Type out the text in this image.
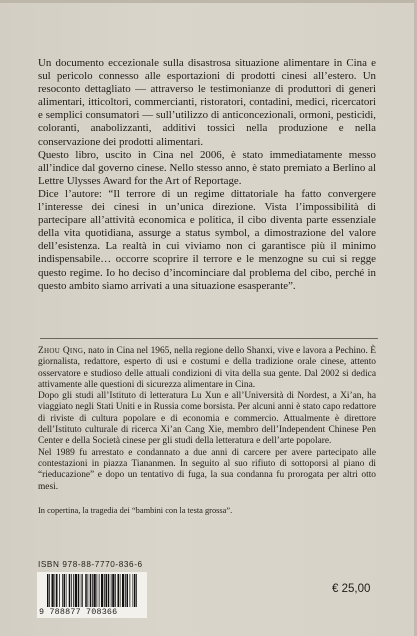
Un documento eccezionale sulla disastrosa situazione alimentare in Cina e sul pericolo connesso alle esportazioni di prodotti cinesi all’estero. Un resoconto dettagliato — attraverso le testimonianze di produttori di generi alimentari, itticoltori, commercianti, ristoratori, contadini, medici, ricercatori e semplici consumatori — sull’utilizzo di anticoncezionali, ormoni, pesticidi, coloranti, anabolizzanti, additivi tossici nella produzione e nella conservazione dei prodotti alimentari.

Questo libro, uscito in Cina nel 2006, è stato immediatamente messo all’indice dal governo cinese. Nello stesso anno, è stato premiato a Berlino al Lettre Ulysses Award for the Art of Reportage.

Dice l’autore: “Il terrore di un regime dittatoriale ha fatto convergere l’interesse dei cinesi in un’unica direzione. Vista l’impossibilità di partecipare all’attività economica e politica, il cibo diventa parte essenziale della vita quotidiana, assurge a status symbol, a dimostrazione del valore dell’esistenza. La realtà in cui viviamo non ci garantisce più il minimo indispensabile… occorre scoprire il terrore e le menzogne su cui si regge questo regime. Io ho deciso d’incominciare dal problema del cibo, perché in questo ambito siamo arrivati a una situazione esasperante”.

Zhou Qing, nato in Cina nel 1965, nella regione dello Shanxi, vive e lavora a Pechino. È giornalista, redattore, esperto di usi e costumi e della tradizione orale cinese, attento osservatore e studioso delle attuali condizioni di vita della sua gente. Dal 2002 si dedica attivamente alle questioni di sicurezza alimentare in Cina.

Dopo gli studi all’Istituto di letteratura Lu Xun e all’Università di Nordest, a Xi’an, ha viaggiato negli Stati Uniti e in Russia come borsista. Per alcuni anni è stato capo redattore di riviste di cultura popolare e di economia e commercio. Attualmente è direttore dell’Istituto culturale di ricerca Xi’an Cang Xie, membro dell’Independent Chinese Pen Center e della Società cinese per gli studi della letteratura e dell’arte popolare.

Nel 1989 fu arrestato e condannato a due anni di carcere per avere partecipato alle contestazioni in piazza Tiananmen. In seguito al suo rifiuto di sottoporsi al piano di “rieducazione” e dopo un tentativo di fuga, la sua condanna fu prorogata per altri otto mesi.

In copertina, la tragedia dei “bambini con la testa grossa”.
ISBN 978-88-7770-836-6
9 788877 708366
€ 25,00
